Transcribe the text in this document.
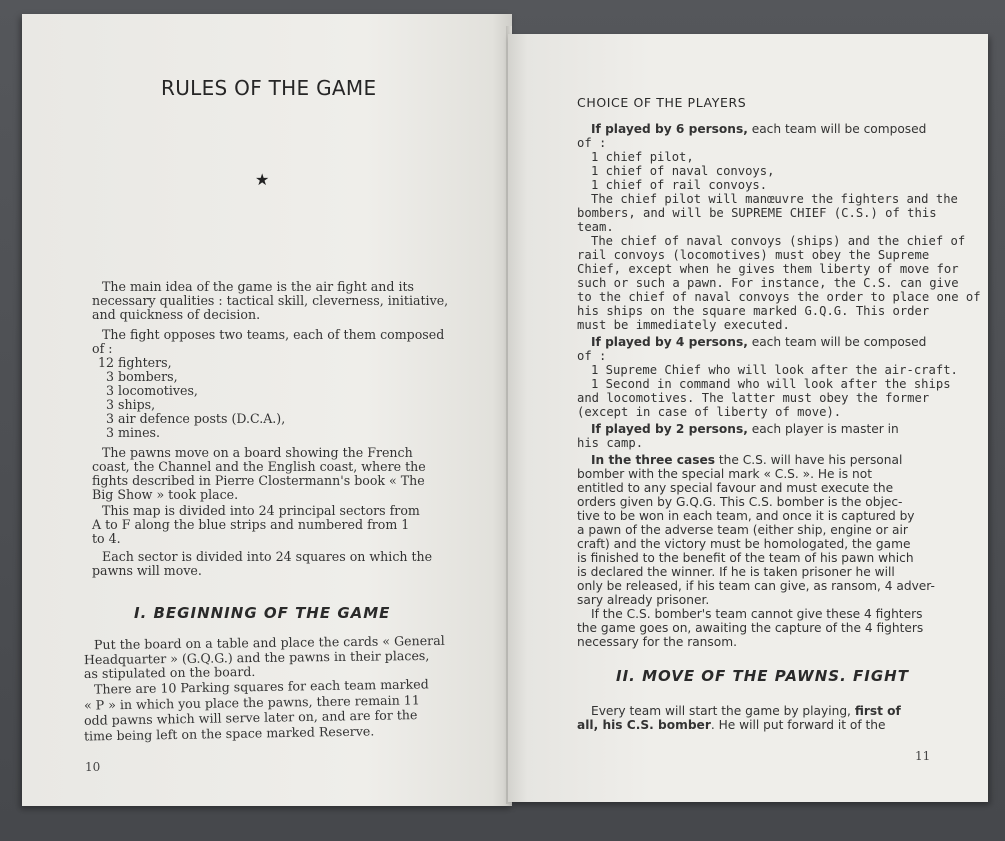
RULES OF THE GAME
★
The main idea of the game is the air fight and its
necessary qualities : tactical skill, cleverness, initiative,
and quickness of decision.
The fight opposes two teams, each of them composed
of :
12 fighters,
3 bombers,
3 locomotives,
3 ships,
3 air defence posts (D.C.A.),
3 mines.
The pawns move on a board showing the French
coast, the Channel and the English coast, where the
fights described in Pierre Clostermann's book « The
Big Show » took place.
This map is divided into 24 principal sectors from
A to F along the blue strips and numbered from 1
to 4.
Each sector is divided into 24 squares on which the
pawns will move.
I. BEGINNING OF THE GAME
Put the board on a table and place the cards « General
Headquarter » (G.Q.G.) and the pawns in their places,
as stipulated on the board.
There are 10 Parking squares for each team marked
« P » in which you place the pawns, there remain 11
odd pawns which will serve later on, and are for the
time being left on the space marked Reserve.
10
CHOICE OF THE PLAYERS
If played by 6 persons, each team will be composed
of :
1 chief pilot,
1 chief of naval convoys,
1 chief of rail convoys.
The chief pilot will manœuvre the fighters and the
bombers, and will be SUPREME CHIEF (C.S.) of this
team.
The chief of naval convoys (ships) and the chief of
rail convoys (locomotives) must obey the Supreme
Chief, except when he gives them liberty of move for
such or such a pawn. For instance, the C.S. can give
to the chief of naval convoys the order to place one of
his ships on the square marked G.Q.G. This order
must be immediately executed.
If played by 4 persons, each team will be composed
of :
1 Supreme Chief who will look after the air-craft.
1 Second in command who will look after the ships
and locomotives. The latter must obey the former
(except in case of liberty of move).
If played by 2 persons, each player is master in
his camp.
In the three cases the C.S. will have his personal
bomber with the special mark « C.S. ». He is not
entitled to any special favour and must execute the
orders given by G.Q.G. This C.S. bomber is the objec-
tive to be won in each team, and once it is captured by
a pawn of the adverse team (either ship, engine or air
craft) and the victory must be homologated, the game
is finished to the benefit of the team of his pawn which
is declared the winner. If he is taken prisoner he will
only be released, if his team can give, as ransom, 4 adver-
sary already prisoner.
If the C.S. bomber's team cannot give these 4 fighters
the game goes on, awaiting the capture of the 4 fighters
necessary for the ransom.
II. MOVE OF THE PAWNS. FIGHT
Every team will start the game by playing, first of
all, his C.S. bomber. He will put forward it of the
11
